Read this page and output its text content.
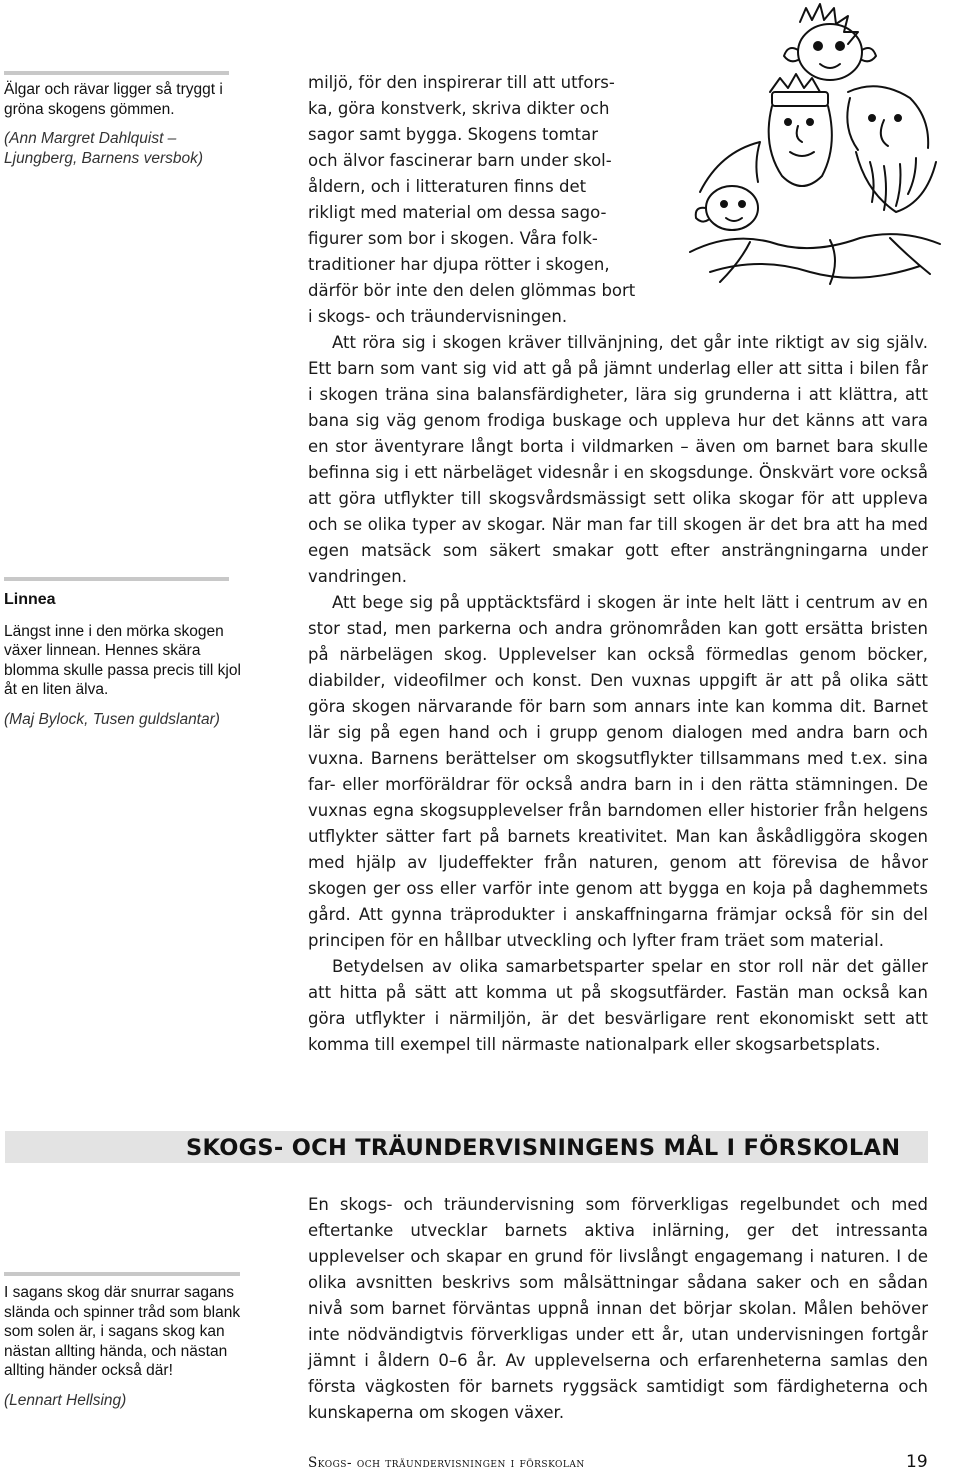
Älgar och rävar ligger så tryggt i gröna skogens gömmen.

(Ann Margret Dahlquist – Ljungberg, Barnens versbok)

Linnea

Längst inne i den mörka skogen växer linnean. Hennes skära blomma skulle passa precis till kjol åt en liten älva.

(Maj Bylock, Tusen guldslantar)

miljö, för den inspirerar till att utfors-
ka, göra konstverk, skriva dikter och
sagor samt bygga. Skogens tomtar
och älvor fascinerar barn under skol-
åldern, och i litteraturen finns det
rikligt med material om dessa sago-
figurer som bor i skogen. Våra folk-
traditioner har djupa rötter i skogen,
därför bör inte den delen glömmas bort
i skogs- och träundervisningen.

Att röra sig i skogen kräver tillvänjning, det går inte riktigt av sig själv. Ett barn som vant sig vid att gå på jämnt underlag eller att sitta i bilen får i skogen träna sina balansfärdigheter, lära sig grunderna i att klättra, att bana sig väg genom frodiga buskage och uppleva hur det känns att vara en stor äventyrare långt borta i vildmarken – även om barnet bara skulle befinna sig i ett närbeläget videsnår i en skogsdunge. Önskvärt vore också att göra utflykter till skogsvårdsmässigt sett olika skogar för att uppleva och se olika typer av skogar. När man far till skogen är det bra att ha med egen matsäck som säkert smakar gott efter ansträngningarna under vandringen.

Att bege sig på upptäcktsfärd i skogen är inte helt lätt i centrum av en stor stad, men parkerna och andra grönområden kan gott ersätta bristen på närbelägen skog. Upplevelser kan också förmedlas genom böcker, diabilder, videofilmer och konst. Den vuxnas uppgift är att på olika sätt göra skogen närvarande för barn som annars inte kan komma dit. Barnet lär sig på egen hand och i grupp genom dialogen med andra barn och vuxna. Barnens berättelser om skogsutflykter tillsammans med t.ex. sina far- eller morföräldrar för också andra barn in i den rätta stämningen. De vuxnas egna skogsupplevelser från barndomen eller historier från helgens utflykter sätter fart på barnets kreativitet. Man kan åskådliggöra skogen med hjälp av ljudeffekter från naturen, genom att förevisa de håvor skogen ger oss eller varför inte genom att bygga en koja på daghemmets gård. Att gynna träprodukter i anskaffningarna främjar också för sin del principen för en hållbar utveckling och lyfter fram träet som material.

Betydelsen av olika samarbetsparter spelar en stor roll när det gäller att hitta på sätt att komma ut på skogsutfärder. Fastän man också kan göra utflykter i närmiljön, är det besvärligare rent ekonomiskt sett att komma till exempel till närmaste nationalpark eller skogsarbetsplats.

SKOGS- OCH TRÄUNDERVISNINGENS MÅL I FÖRSKOLAN

I sagans skog där snurrar sagans slända och spinner tråd som blank som solen är, i sagans skog kan nästan allting hända, och nästan allting händer också där!

(Lennart Hellsing)

En skogs- och träundervisning som förverkligas regelbundet och med eftertanke utvecklar barnets aktiva inlärning, ger det intressanta upplevelser och skapar en grund för livslångt engagemang i naturen. I de olika avsnitten beskrivs som målsättningar sådana saker och en sådan nivå som barnet förväntas uppnå innan det börjar skolan. Målen behöver inte nödvändigtvis förverkligas under ett år, utan undervisningen fortgår jämnt i åldern 0–6 år. Av upplevelserna och erfarenheterna samlas den första vägkosten för barnets ryggsäck samtidigt som färdigheterna och kunskaperna om skogen växer.

Skogs- och träundervisningen i förskolan	19
